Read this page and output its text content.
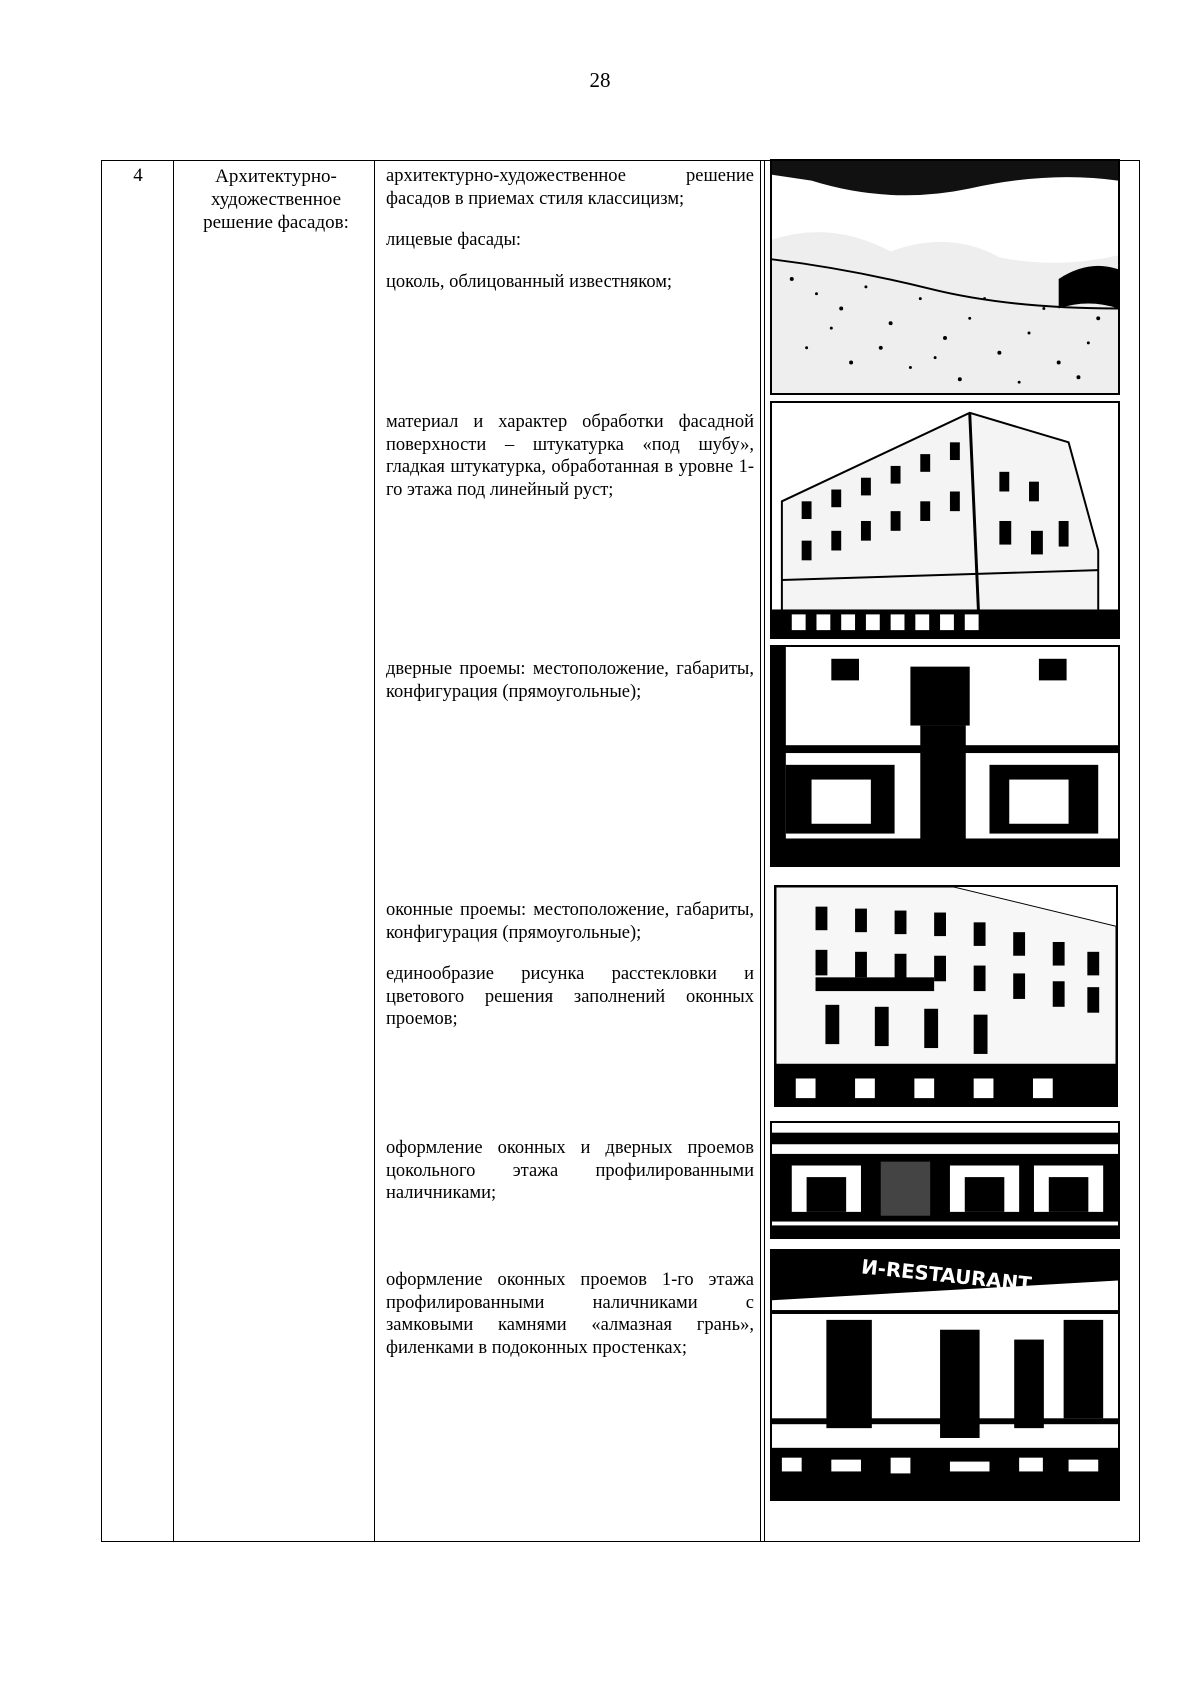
28
4	Архитектурно-художественное решение фасадов:

архитектурно-художественное решение фасадов в приемах стиля классицизм;

лицевые фасады:

цоколь, облицованный известняком;

материал и характер обработки фасадной поверхности – штукатурка «под шубу», гладкая штукатурка, обработанная в уровне 1-го этажа под линейный руст;

дверные проемы: местоположение, габариты, конфигурация (прямоугольные);

оконные проемы: местоположение, габариты, конфигурация (прямоугольные);

единообразие рисунка расстекловки и цветового решения заполнений оконных проемов;

оформление оконных и дверных проемов цокольного этажа профилированными наличниками;

оформление оконных проемов 1-го этажа профилированными наличниками с замковыми камнями «алмазная грань», филенками в подоконных простенках;

И-RESTAURANT
